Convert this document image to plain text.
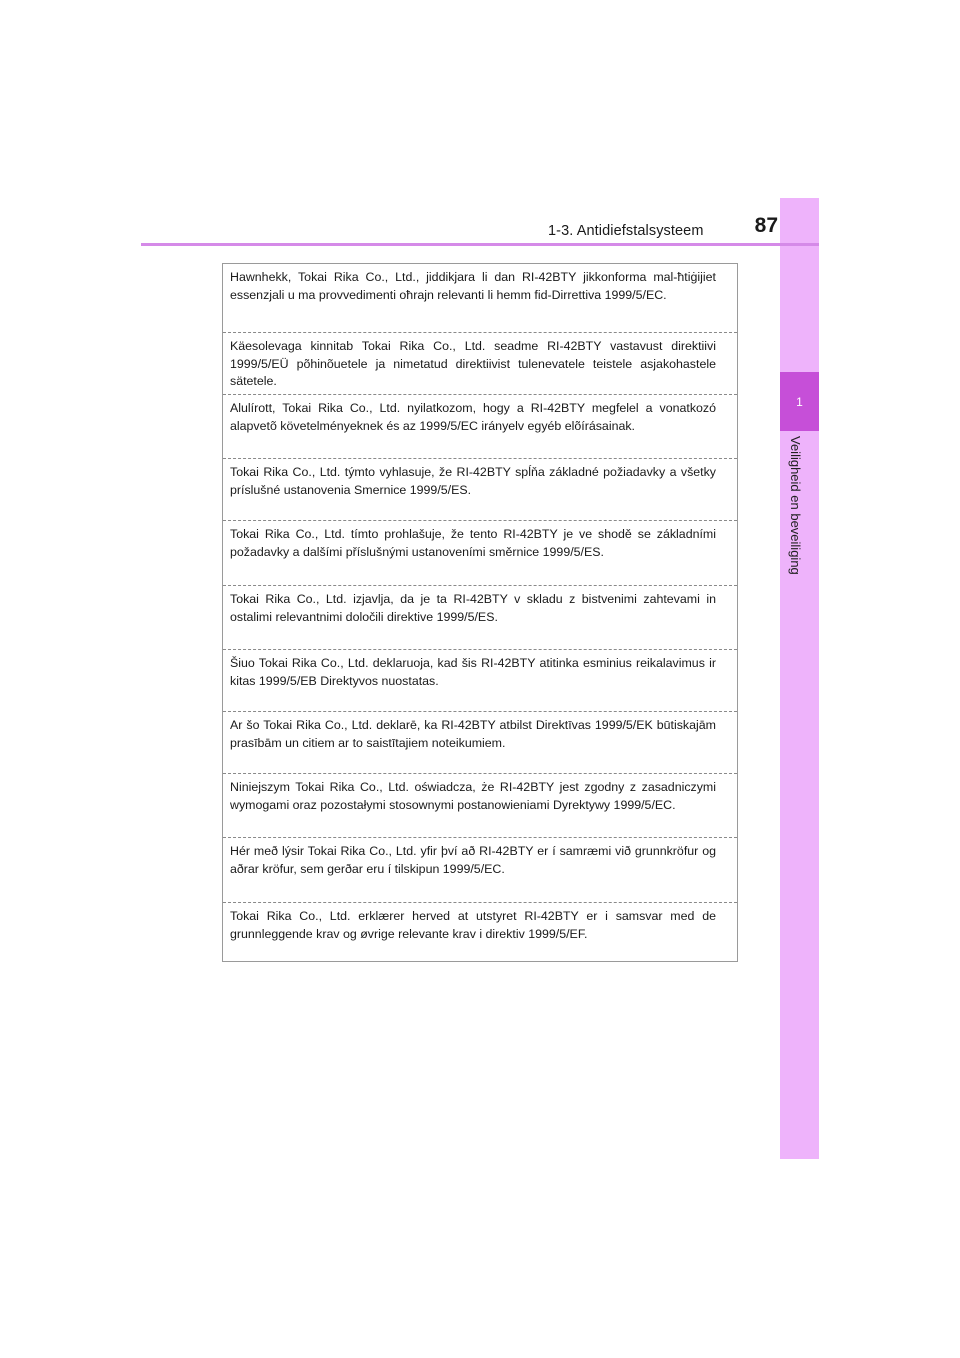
1
Veiligheid en beveiliging
1-3. Antidiefstalsysteem	87
Hawnhekk, Tokai Rika Co., Ltd., jiddikjara li dan RI-42BTY jikkonforma mal-ħtiġijiet essenzjali u ma provvedimenti oħrajn relevanti li hemm fid-Dirrettiva 1999/5/EC.
Käesolevaga kinnitab Tokai Rika Co., Ltd. seadme RI-42BTY vastavust direktiivi 1999/5/EÜ põhinõuetele ja nimetatud direktiivist tulenevatele teistele asjakohastele sätetele.
Alulírott, Tokai Rika Co., Ltd. nyilatkozom, hogy a RI-42BTY megfelel a vonatkozó alapvetõ követelményeknek és az 1999/5/EC irányelv egyéb elõírásainak.
Tokai Rika Co., Ltd. týmto vyhlasuje, že RI-42BTY spĺňa základné požiadavky a všetky príslušné ustanovenia Smernice 1999/5/ES.
Tokai Rika Co., Ltd. tímto prohlašuje, že tento RI-42BTY je ve shodě se základními požadavky a dalšími příslušnými ustanoveními směrnice 1999/5/ES.
Tokai Rika Co., Ltd. izjavlja, da je ta RI-42BTY v skladu z bistvenimi zahtevami in ostalimi relevantnimi določili direktive 1999/5/ES.
Šiuo Tokai Rika Co., Ltd. deklaruoja, kad šis RI-42BTY atitinka esminius reikalavimus ir kitas 1999/5/EB Direktyvos nuostatas.
Ar šo Tokai Rika Co., Ltd. deklarē, ka RI-42BTY atbilst Direktīvas 1999/5/EK būtiskajām prasībām un citiem ar to saistītajiem noteikumiem.
Niniejszym Tokai Rika Co., Ltd. oświadcza, że RI-42BTY jest zgodny z zasadniczymi wymogami oraz pozostałymi stosownymi postanowieniami Dyrektywy 1999/5/EC.
Hér með lýsir Tokai Rika Co., Ltd. yfir því að RI-42BTY er í samræmi við grunnkröfur og aðrar kröfur, sem gerðar eru í tilskipun 1999/5/EC.
Tokai Rika Co., Ltd. erklærer herved at utstyret RI-42BTY er i samsvar med de grunnleggende krav og øvrige relevante krav i direktiv 1999/5/EF.
